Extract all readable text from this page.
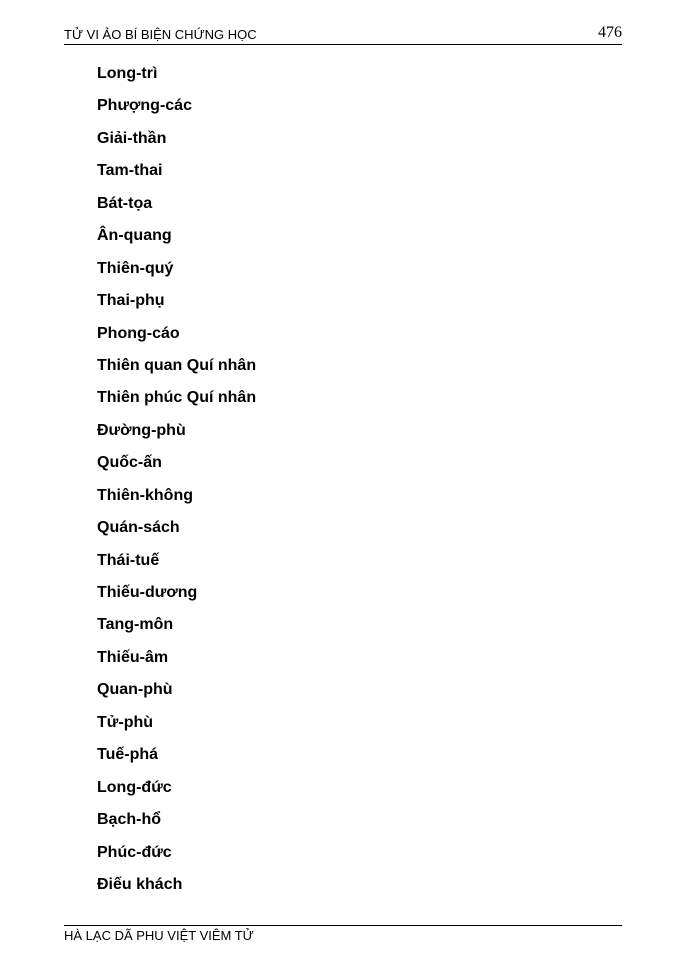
TỬ VI ẢO BÍ BIỆN CHỨNG HỌC	476
Long-trì
Phượng-các
Giải-thần
Tam-thai
Bát-tọa
Ân-quang
Thiên-quý
Thai-phụ
Phong-cáo
Thiên quan Quí nhân
Thiên phúc Quí nhân
Đường-phù
Quốc-ấn
Thiên-không
Quán-sách
Thái-tuế
Thiếu-dương
Tang-môn
Thiếu-âm
Quan-phù
Tử-phù
Tuế-phá
Long-đức
Bạch-hổ
Phúc-đức
Điếu khách
HÀ LẠC DÃ PHU VIỆT VIÊM TỬ
